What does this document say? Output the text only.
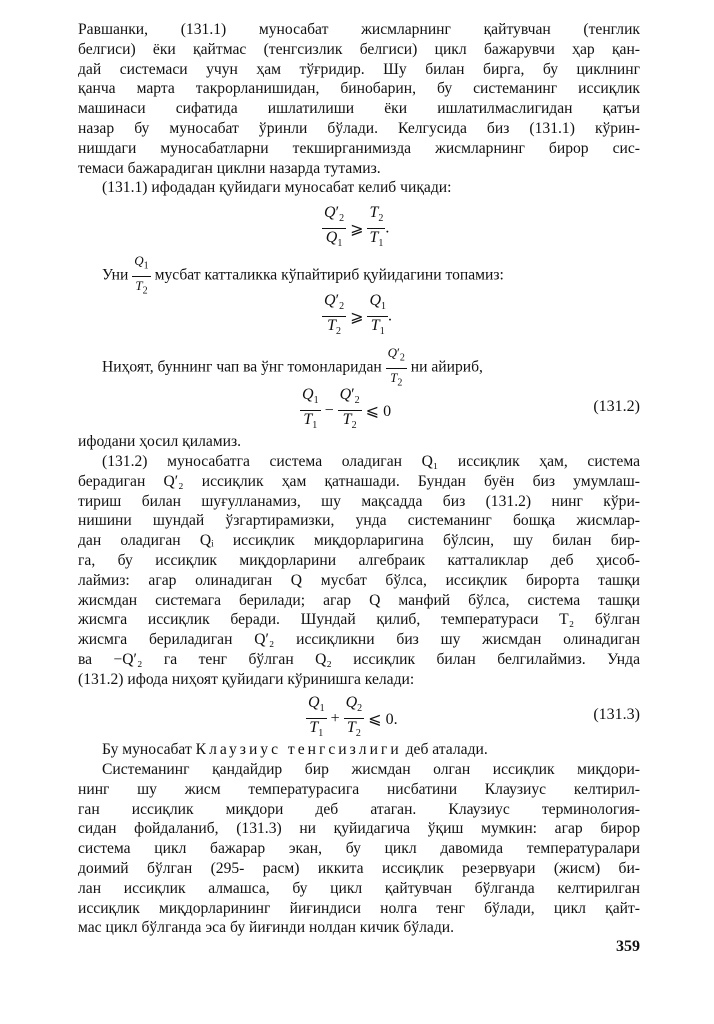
Равшанки, (131.1) муносабат жисмларнинг қайтувчан (тенглик
белгиси) ёки қайтмас (тенгсизлик белгиси) цикл бажарувчи ҳар қан-
дай системаси учун ҳам тўғридир. Шу билан бирга, бу циклнинг
қанча марта такрорланишидан, бинобарин, бу системанинг иссиқлик
машинаси сифатида ишлатилиши ёки ишлатилмаслигидан қатъи
назар бу муносабат ўринли бўлади. Келгусида биз (131.1) кўрин-
нишдаги муносабатларни текширганимизда жисмларнинг бирор сис-
темаси бажарадиган циклни назарда тутамиз.

(131.1) ифодадан қуйидаги муносабат келиб чиқади:

$\frac{Q'_2}{Q_1}$ ⩾ $\frac{T_2}{T_1}$ .
Уни $\frac{Q_1}{T_2}$ мусбат катталикка кўпайтириб қуйидагини топамиз:
$\frac{Q'_2}{T_2}$ ⩾ $\frac{Q_1}{T_1}$ .
Ниҳоят, буннинг чап ва ўнг томонларидан $\frac{Q'_2}{T_2}$ ни айириб,
$\frac{Q_1}{T_1} - \frac{Q'_2}{T_2}$ ⩽ 0	(131.2)

ифодани ҳосил қиламиз.

(131.2) муносабатга система оладиган Q₁ иссиқлик ҳам, система
берадиган Q′₂ иссиқлик ҳам қатнашади. Бундан буён биз умумлаш-
тириш билан шуғулланамиз, шу мақсадда биз (131.2) нинг кўри-
нишини шундай ўзгартирамизки, унда системанинг бошқа жисмлар-
дан оладиган Qᵢ иссиқлик миқдорларигина бўлсин, шу билан бир-
га, бу иссиқлик миқдорларини алгебраик катталиклар деб ҳисоб-
лаймиз: агар олинадиган Q мусбат бўлса, иссиқлик бирорта ташқи
жисмдан системага берилади; агар Q манфий бўлса, система ташқи
жисмга иссиқлик беради. Шундай қилиб, температураси T₂ бўлган
жисмга бериладиган Q′₂ иссиқликни биз шу жисмдан олинадиган
ва −Q′₂ га тенг бўлган Q₂ иссиқлик билан белгилаймиз. Унда
(131.2) ифода ниҳоят қуйидаги кўринишга келади:

$\frac{Q_1}{T_1} + \frac{Q_2}{T_2}$ ⩽ 0.	(131.3)

Бу муносабат Клаузиус тенгсизлиги деб аталади.

Системанинг қандайдир бир жисмдан олган иссиқлик миқдори-
нинг шу жисм температурасига нисбатини Клаузиус келтирил-
ган иссиқлик миқдори деб атаган. Клаузиус терминология-
сидан фойдаланиб, (131.3) ни қуйидагича ўқиш мумкин: агар бирор
система цикл бажарар экан, бу цикл давомида температуралари
доимий бўлган (295- расм) иккита иссиқлик резервуари (жисм) би-
лан иссиқлик алмашса, бу цикл қайтувчан бўлганда келтирилган
иссиқлик миқдорларининг йиғиндиси нолга тенг бўлади, цикл қайт-
мас цикл бўлганда эса бу йиғинди нолдан кичик бўлади.

359
